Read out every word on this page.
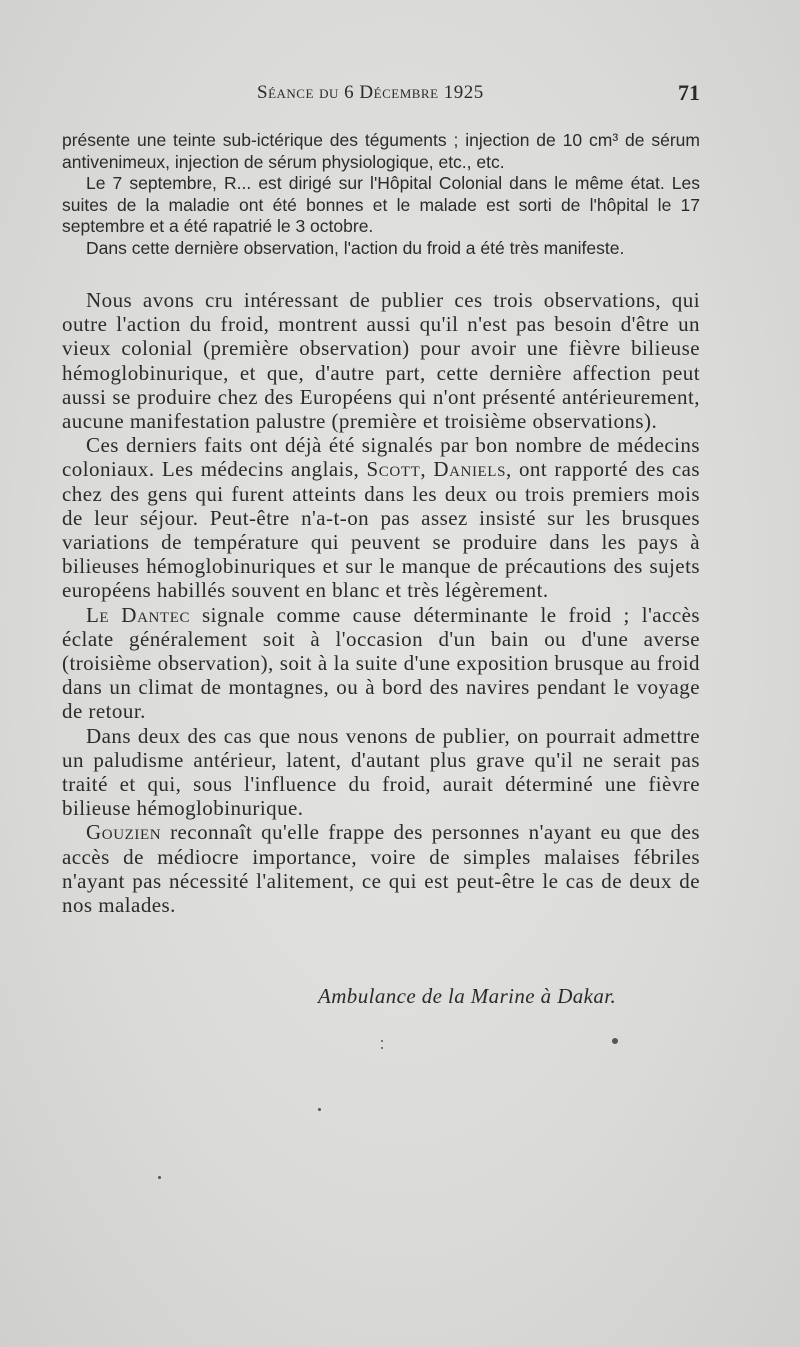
Séance du 6 Décembre 1925	71

présente une teinte sub-ictérique des téguments ; injection de 10 cm³ de sérum antivenimeux, injection de sérum physiologique, etc., etc.

Le 7 septembre, R... est dirigé sur l'Hôpital Colonial dans le même état. Les suites de la maladie ont été bonnes et le malade est sorti de l'hôpital le 17 septembre et a été rapatrié le 3 octobre.

Dans cette dernière observation, l'action du froid a été très manifeste.

Nous avons cru intéressant de publier ces trois observations, qui outre l'action du froid, montrent aussi qu'il n'est pas besoin d'être un vieux colonial (première observation) pour avoir une fièvre bilieuse hémoglobinurique, et que, d'autre part, cette dernière affection peut aussi se produire chez des Européens qui n'ont présenté antérieurement, aucune manifestation palustre (première et troisième observations).

Ces derniers faits ont déjà été signalés par bon nombre de médecins coloniaux. Les médecins anglais, Scott, Daniels, ont rapporté des cas chez des gens qui furent atteints dans les deux ou trois premiers mois de leur séjour. Peut-être n'a-t-on pas assez insisté sur les brusques variations de température qui peuvent se produire dans les pays à bilieuses hémoglobinuriques et sur le manque de précautions des sujets européens habillés souvent en blanc et très légèrement.

Le Dantec signale comme cause déterminante le froid ; l'accès éclate généralement soit à l'occasion d'un bain ou d'une averse (troisième observation), soit à la suite d'une exposition brusque au froid dans un climat de montagnes, ou à bord des navires pendant le voyage de retour.

Dans deux des cas que nous venons de publier, on pourrait admettre un paludisme antérieur, latent, d'autant plus grave qu'il ne serait pas traité et qui, sous l'influence du froid, aurait déterminé une fièvre bilieuse hémoglobinurique.

Gouzien reconnaît qu'elle frappe des personnes n'ayant eu que des accès de médiocre importance, voire de simples malaises fébriles n'ayant pas nécessité l'alitement, ce qui est peut-être le cas de deux de nos malades.

Ambulance de la Marine à Dakar.
